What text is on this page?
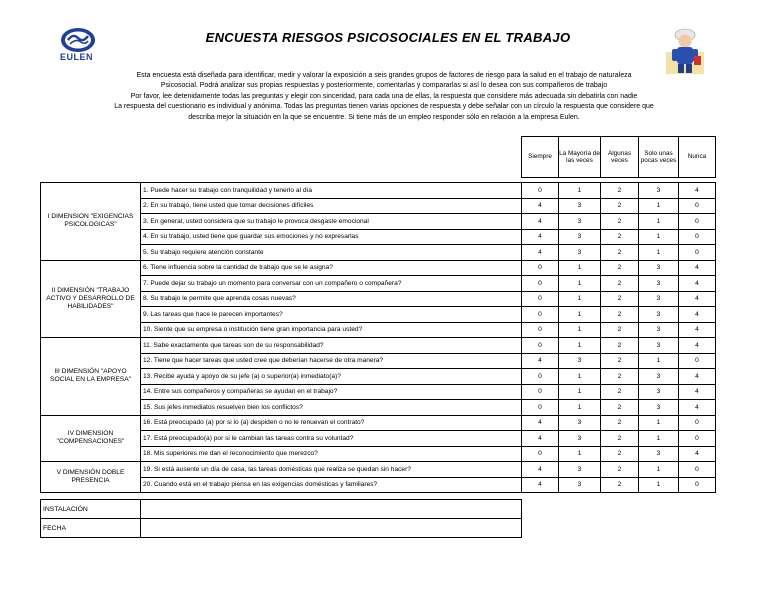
EULEN
ENCUESTA RIESGOS PSICOSOCIALES EN EL TRABAJO
Esta encuesta está diseñada para identificar, medir y valorar la exposición a seis grandes grupos de factores de riesgo para la salud en el trabajo de naturaleza
Psicosocial. Podrá analizar sus propias respuestas y posteriormente, comentarlas y compararlas si así lo desea con sus compañeros de trabajo
Por favor, lee detenidamente todas las preguntas y elegir con sinceridad, para cada una de ellas, la respuesta que considere más adecuada sin debatirla con nadie
La respuesta del cuestionario es individual y anónima. Todas las preguntas tienen varias opciones de respuesta y debe señalar con un círculo la respuesta que considere que
describa mejor la situación en la que se encuentre. Si tiene más de un empleo responder sólo en relación a la empresa Eulen.
		Siempre	La Mayoría de las veces	Algunas veces	Solo unas pocas veces	Nunca

I DIMENSION "EXIGENCIAS PSICOLOGICAS"	1. Puede hacer su trabajo con tranquilidad y tenerlo al día	0	1	2	3	4
	2. En su trabajo, tiene usted que tomar decisiones difíciles	4	3	2	1	0
	3. En general, usted considera que su trabajo le provoca desgaste emocional	4	3	2	1	0
	4. En su trabajo, usted tiene que guardar sus emociones y no expresarlas	4	3	2	1	0
	5. Su trabajo requiere atención constante	4	3	2	1	0
II DIMENSIÓN "TRABAJO ACTIVO Y DESARROLLO DE HABILIDADES"	6. Tiene influencia sobre la cantidad de trabajo que se le asigna?	0	1	2	3	4
	7. Puede dejar su trabajo un momento para conversar con un compañero o compañera?	0	1	2	3	4
	8. Su trabajo le permite que aprenda cosas nuevas?	0	1	2	3	4
	9. Las tareas que hace le parecen importantes?	0	1	2	3	4
	10. Siente que su empresa o institución tiene gran importancia para usted?	0	1	2	3	4
III DIMENSIÓN "APOYO SOCIAL EN LA EMPRESA"	11. Sabe exactamente que tareas son de su responsabilidad?	0	1	2	3	4
	12. Tiene que hacer tareas que usted cree que deberían hacerse de otra manera?	4	3	2	1	0
	13. Recibe ayuda y apoyo de su jefe (a) o superior(a) inmediato(a)?	0	1	2	3	4
	14. Entre sus compañeros y compañeras se ayudan en el trabajo?	0	1	2	3	4
	15. Sus jefes inmediatos resuelven bien los conflictos?	0	1	2	3	4
IV DIMENSION "COMPENSACIONES"	16. Está preocupado (a) por si lo (a) despiden o no le renuevan el contrato?	4	3	2	1	0
	17. Está preocupado(a) por si le cambian las tareas contra su voluntad?	4	3	2	1	0
	18. Mis superiores me dan el reconocimiento que merezco?	0	1	2	3	4
V DIMENSIÓN DOBLE PRESENCIA	19. Si está ausente un día de casa, las tareas domésticas que realiza se quedan sin hacer?	4	3	2	1	0
	20. Cuando está en el trabajo piensa en las exigencias domésticas y familiares?	4	3	2	1	0
INSTALACIÓN	
FECHA	
